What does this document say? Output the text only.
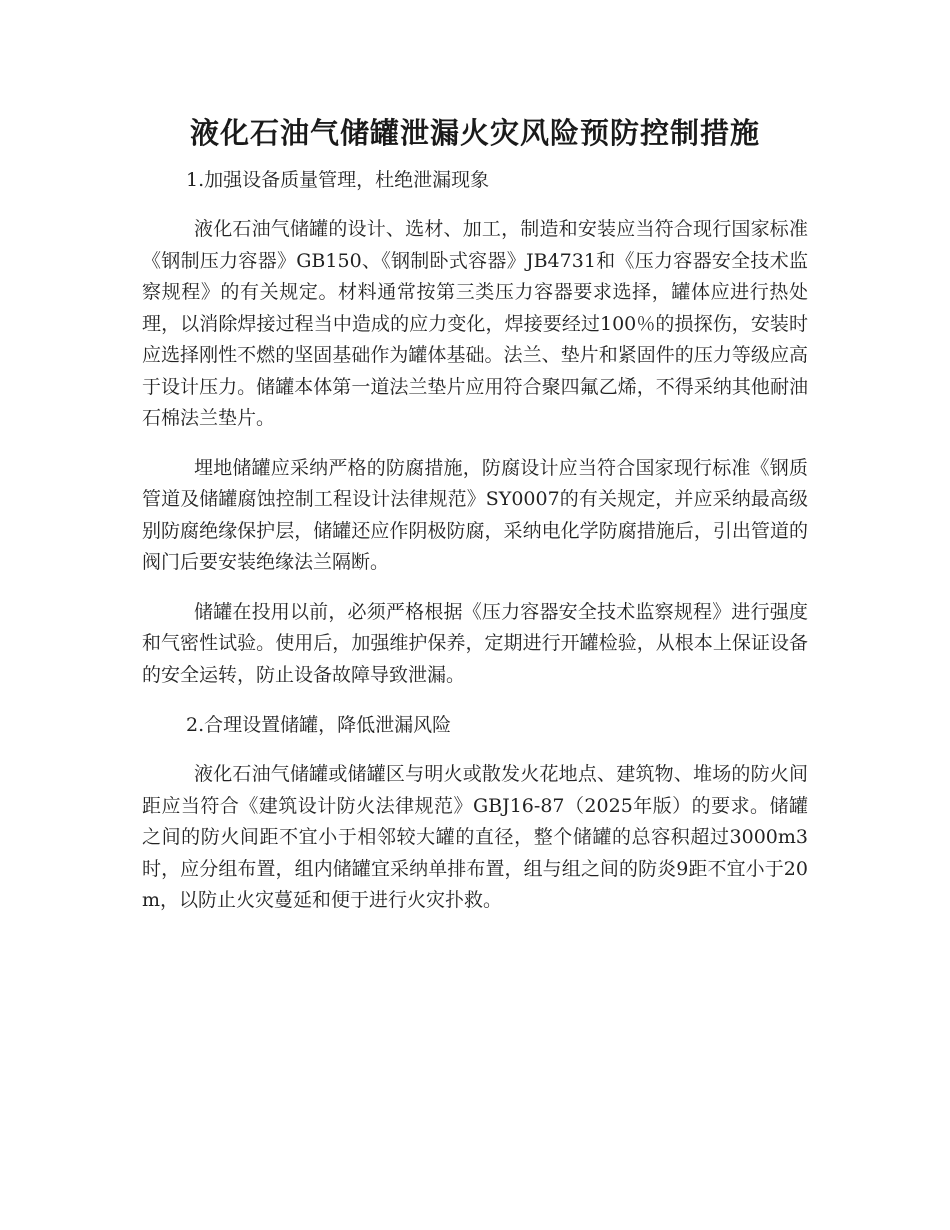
液化石油气储罐泄漏火灾风险预防控制措施

1.加强设备质量管理，杜绝泄漏现象

液化石油气储罐的设计、选材、加工，制造和安装应当符合现行国家标准《钢制压力容器》GB150、《钢制卧式容器》JB4731和《压力容器安全技术监察规程》的有关规定。材料通常按第三类压力容器要求选择，罐体应进行热处理，以消除焊接过程当中造成的应力变化，焊接要经过100％的损探伤，安装时应选择刚性不燃的坚固基础作为罐体基础。法兰、垫片和紧固件的压力等级应高于设计压力。储罐本体第一道法兰垫片应用符合聚四氟乙烯，不得采纳其他耐油石棉法兰垫片。

埋地储罐应采纳严格的防腐措施，防腐设计应当符合国家现行标准《钢质管道及储罐腐蚀控制工程设计法律规范》SY0007的有关规定，并应采纳最高级别防腐绝缘保护层，储罐还应作阴极防腐，采纳电化学防腐措施后，引出管道的阀门后要安装绝缘法兰隔断。

储罐在投用以前，必须严格根据《压力容器安全技术监察规程》进行强度和气密性试验。使用后，加强维护保养，定期进行开罐检验，从根本上保证设备的安全运转，防止设备故障导致泄漏。

2.合理设置储罐，降低泄漏风险

液化石油气储罐或储罐区与明火或散发火花地点、建筑物、堆场的防火间距应当符合《建筑设计防火法律规范》GBJ16-87（2025年版）的要求。储罐之间的防火间距不宜小于相邻较大罐的直径，整个储罐的总容积超过3000m3时，应分组布置，组内储罐宜采纳单排布置，组与组之间的防炎9距不宜小于20m，以防止火灾蔓延和便于进行火灾扑救。
